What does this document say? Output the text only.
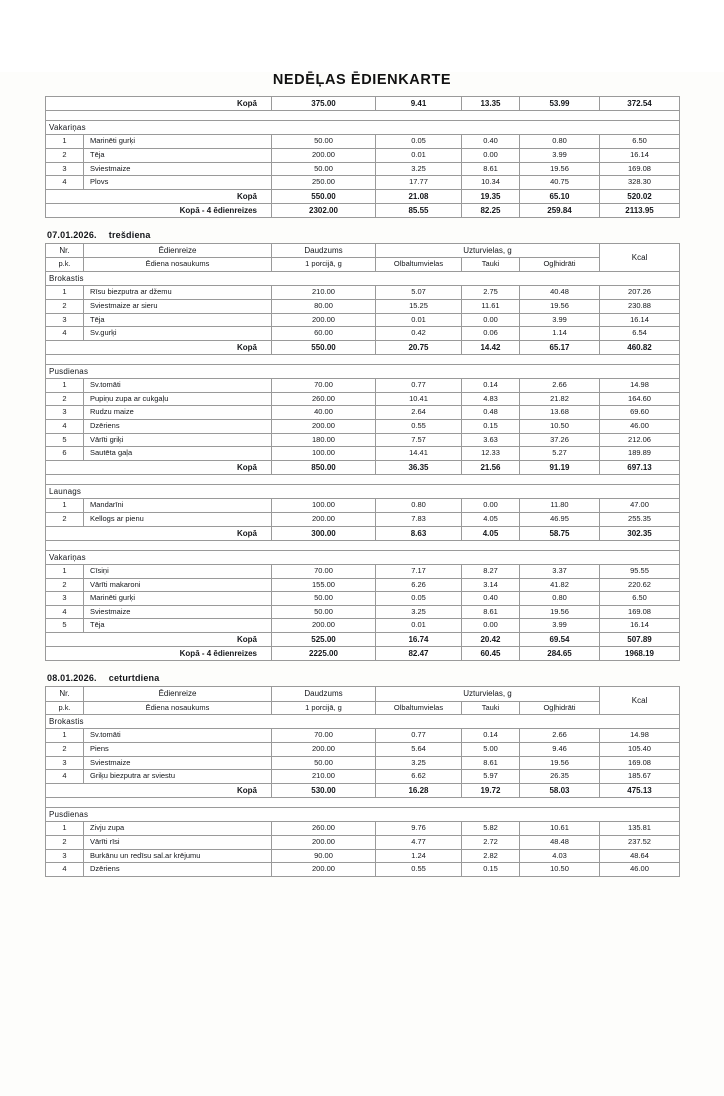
NEDĒĻAS ĒDIENKARTE
Kopā		375.00	9.41	13.35	53.99	372.54

Vakariņas						
1	Marinēti gurķi	50.00	0.05	0.40	0.80	6.50
2	Tēja	200.00	0.01	0.00	3.99	16.14
3	Sviestmaize	50.00	3.25	8.61	19.56	169.08
4	Plovs	250.00	17.77	10.34	40.75	328.30
Kopā		550.00	21.08	19.35	65.10	520.02
Kopā - 4 ēdienreizes		2302.00	85.55	82.25	259.84	2113.95
07.01.2026. trešdiena
Nr.	Ēdienreize	Daudzums	Uzturvielas, g			Kcal
p.k.	Ēdiena nosaukums	1 porcijā, g	Olbaltumvielas	Tauki	Ogļhidrāti	
Brokastis						
1	Rīsu biezputra ar džemu	210.00	5.07	2.75	40.48	207.26
2	Sviestmaize ar sieru	80.00	15.25	11.61	19.56	230.88
3	Tēja	200.00	0.01	0.00	3.99	16.14
4	Sv.gurķi	60.00	0.42	0.06	1.14	6.54
Kopā		550.00	20.75	14.42	65.17	460.82

Pusdienas						
1	Sv.tomāti	70.00	0.77	0.14	2.66	14.98
2	Pupiņu zupa ar cukgaļu	260.00	10.41	4.83	21.82	164.60
3	Rudzu maize	40.00	2.64	0.48	13.68	69.60
4	Dzēriens	200.00	0.55	0.15	10.50	46.00
5	Vārīti griķi	180.00	7.57	3.63	37.26	212.06
6	Sautēta gaļa	100.00	14.41	12.33	5.27	189.89
Kopā		850.00	36.35	21.56	91.19	697.13

Launags						
1	Mandarīni	100.00	0.80	0.00	11.80	47.00
2	Kellogs ar pienu	200.00	7.83	4.05	46.95	255.35
Kopā		300.00	8.63	4.05	58.75	302.35

Vakariņas						
1	Cīsiņi	70.00	7.17	8.27	3.37	95.55
2	Vārīti makaroni	155.00	6.26	3.14	41.82	220.62
3	Marinēti gurķi	50.00	0.05	0.40	0.80	6.50
4	Sviestmaize	50.00	3.25	8.61	19.56	169.08
5	Tēja	200.00	0.01	0.00	3.99	16.14
Kopā		525.00	16.74	20.42	69.54	507.89
Kopā - 4 ēdienreizes		2225.00	82.47	60.45	284.65	1968.19
08.01.2026. ceturtdiena
Nr.	Ēdienreize	Daudzums	Uzturvielas, g			Kcal
p.k.	Ēdiena nosaukums	1 porcijā, g	Olbaltumvielas	Tauki	Ogļhidrāti	
Brokastis						
1	Sv.tomāti	70.00	0.77	0.14	2.66	14.98
2	Piens	200.00	5.64	5.00	9.46	105.40
3	Sviestmaize	50.00	3.25	8.61	19.56	169.08
4	Griķu biezputra ar sviestu	210.00	6.62	5.97	26.35	185.67
Kopā		530.00	16.28	19.72	58.03	475.13

Pusdienas						
1	Zivju zupa	260.00	9.76	5.82	10.61	135.81
2	Vārīti rīsi	200.00	4.77	2.72	48.48	237.52
3	Burkānu un redīsu sal.ar krējumu	90.00	1.24	2.82	4.03	48.64
4	Dzēriens	200.00	0.55	0.15	10.50	46.00
